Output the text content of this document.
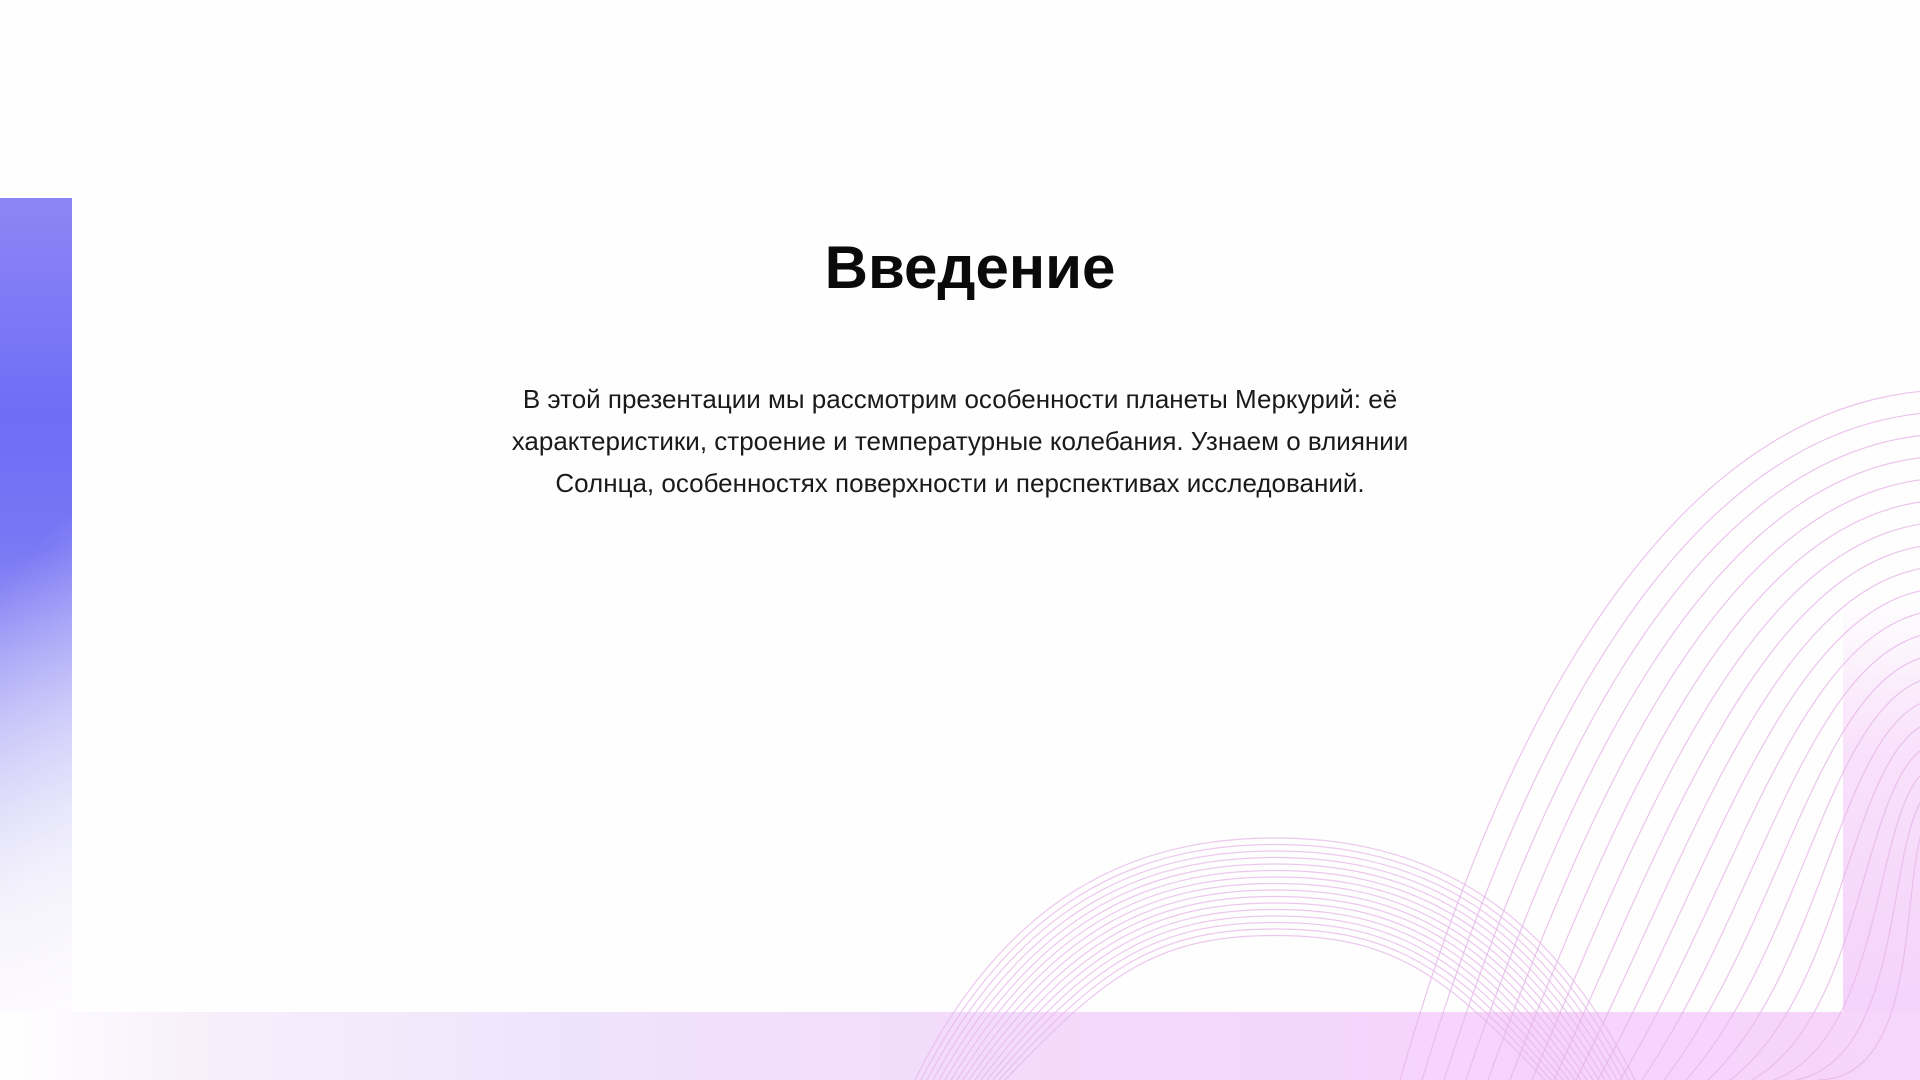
Введение

В этой презентации мы рассмотрим особенности планеты Меркурий: её характеристики, строение и температурные колебания. Узнаем о влиянии Солнца, особенностях поверхности и перспективах исследований.
